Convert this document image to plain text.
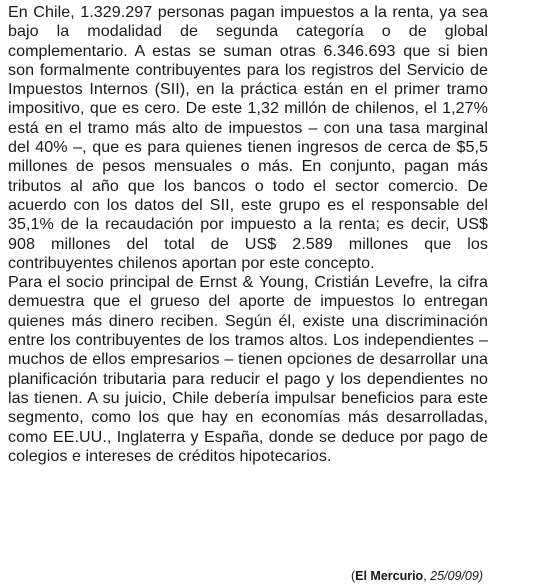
En Chile, 1.329.297 personas pagan impuestos a la renta, ya sea bajo la modalidad de segunda categoría o de global complementario. A estas se suman otras 6.346.693 que si bien son formalmente contribuyentes para los registros del Servicio de Impuestos Internos (SII), en la práctica están en el primer tramo impositivo, que es cero. De este 1,32 millón de chilenos, el 1,27% está en el tramo más alto de impuestos – con una tasa marginal del 40% –, que es para quienes tienen ingresos de cerca de $5,5 millones de pesos mensuales o más. En conjunto, pagan más tributos al año que los bancos o todo el sector comercio. De acuerdo con los datos del SII, este grupo es el responsable del 35,1% de la recaudación por impuesto a la renta; es decir, US$ 908 millones del total de US$ 2.589 millones que los contribuyentes chilenos aportan por este concepto.

Para el socio principal de Ernst & Young, Cristián Levefre, la cifra demuestra que el grueso del aporte de impuestos lo entregan quienes más dinero reciben. Según él, existe una discriminación entre los contribuyentes de los tramos altos. Los independientes – muchos de ellos empresarios – tienen opciones de desarrollar una planificación tributaria para reducir el pago y los dependientes no las tienen. A su juicio, Chile debería impulsar beneficios para este segmento, como los que hay en economías más desarrolladas, como EE.UU., Inglaterra y España, donde se deduce por pago de colegios e intereses de créditos hipotecarios.

(El Mercurio, 25/09/09)
